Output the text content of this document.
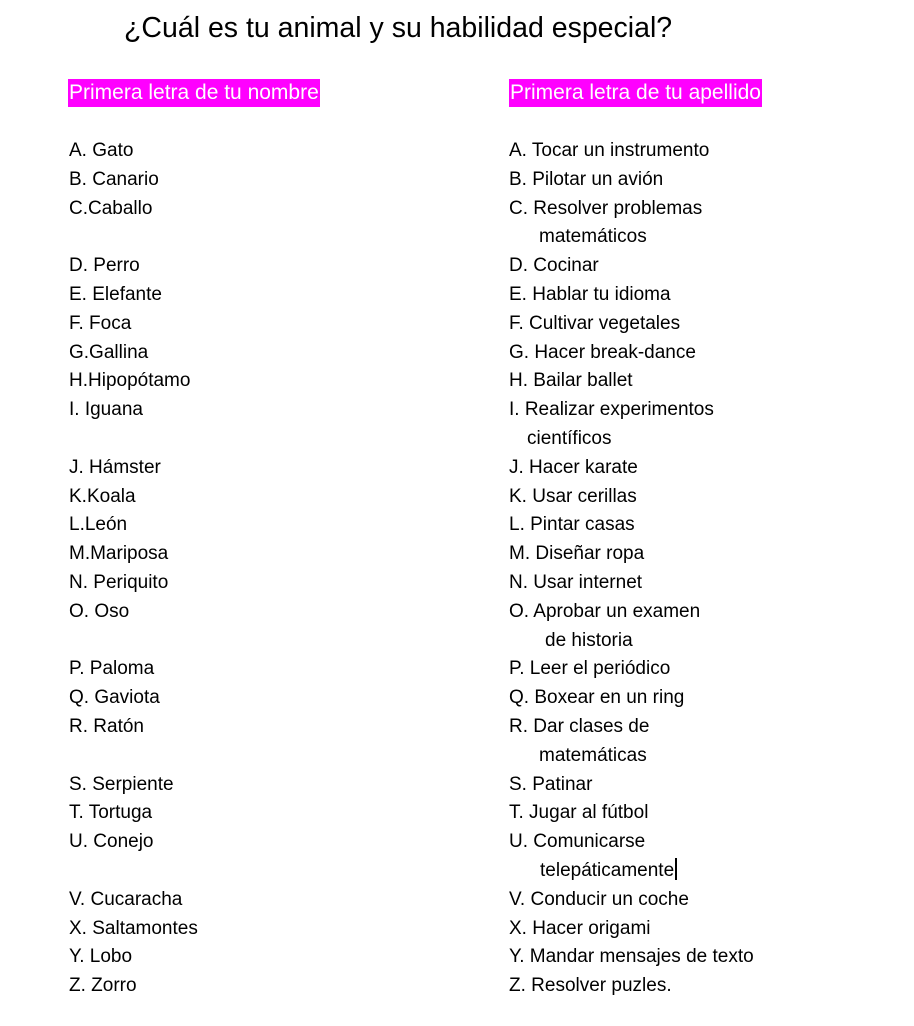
¿Cuál es tu animal y su habilidad especial?
Primera letra de tu nombre	Primera letra de tu apellido
A. Gato
B. Canario
C.Caballo
D. Perro
E. Elefante
F. Foca
G.Gallina
H.Hipopótamo
I. Iguana
J. Hámster
K.Koala
L.León
M.Mariposa
N. Periquito
O. Oso
P. Paloma
Q. Gaviota
R. Ratón
S. Serpiente
T. Tortuga
U. Conejo
V. Cucaracha
X. Saltamontes
Y. Lobo
Z. Zorro
A. Tocar un instrumento
B. Pilotar un avión
C. Resolver problemas
matemáticos
D. Cocinar
E. Hablar tu idioma
F. Cultivar vegetales
G. Hacer break-dance
H. Bailar ballet
I. Realizar experimentos
científicos
J. Hacer karate
K. Usar cerillas
L. Pintar casas
M. Diseñar ropa
N. Usar internet
O. Aprobar un examen
de historia
P. Leer el periódico
Q. Boxear en un ring
R. Dar clases de
matemáticas
S. Patinar
T. Jugar al fútbol
U. Comunicarse
telepáticamente
V. Conducir un coche
X. Hacer origami
Y. Mandar mensajes de texto
Z. Resolver puzles.
